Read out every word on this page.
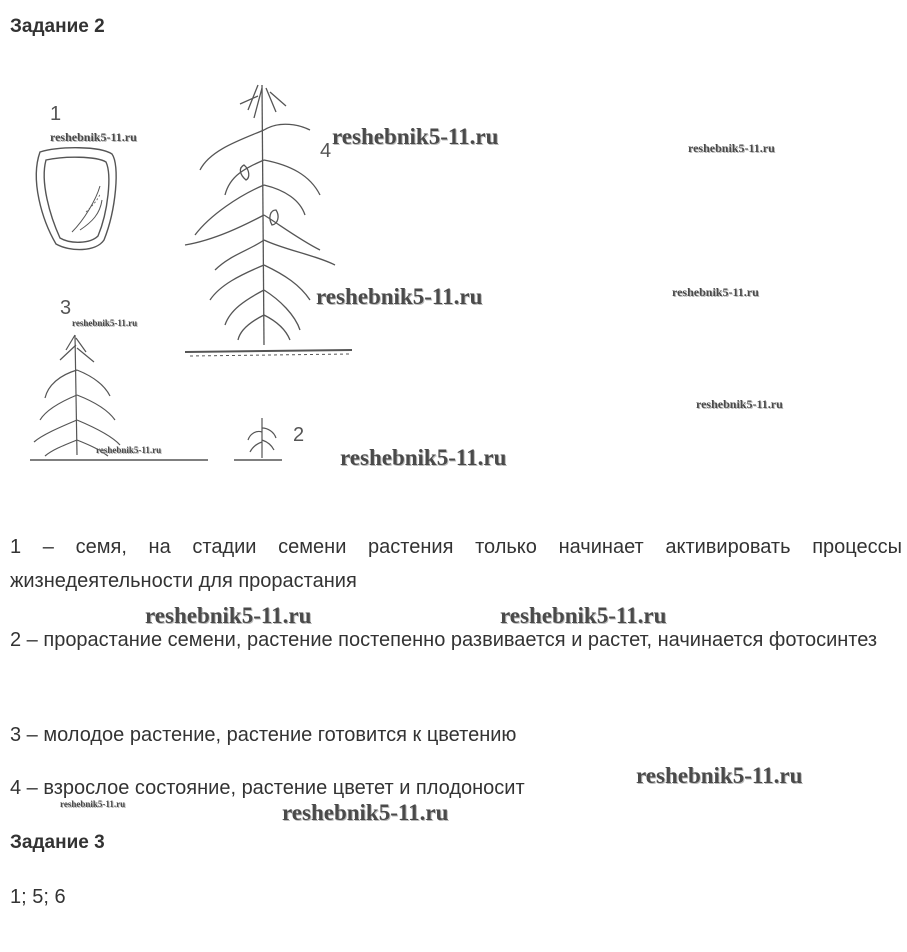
Задание 2
1
2
3
4
reshebnik5-11.ru	reshebnik5-11.ru	reshebnik5-11.ru
reshebnik5-11.ru	reshebnik5-11.ru
reshebnik5-11.ru
reshebnik5-11.ru
reshebnik5-11.ru	reshebnik5-11.ru

1 – семя, на стадии семени растения только начинает активировать процессы жизнедеятельности для прорастания

reshebnik5-11.ru	reshebnik5-11.ru

2 – прорастание семени, растение постепенно развивается и растет, начинается фотосинтез

3 – молодое растение, растение готовится к цветению

4 – взрослое состояние, растение цветет и плодоносит	reshebnik5-11.ru
reshebnik5-11.ru	reshebnik5-11.ru
Задание 3

1; 5; 6
